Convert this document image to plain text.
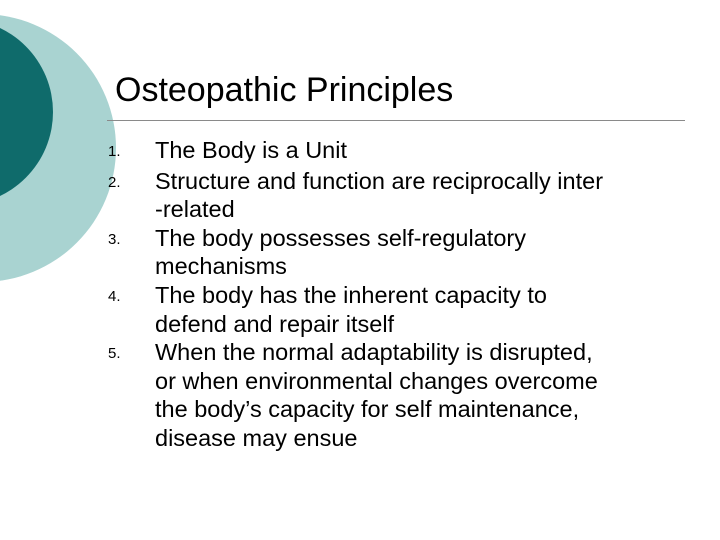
Osteopathic Principles
1.	The Body is a Unit
2.	Structure and function are reciprocally inter
-related
3.	The body possesses self-regulatory
mechanisms
4.	The body has the inherent capacity to
defend and repair itself
5.	When the normal adaptability is disrupted,
or when environmental changes overcome
the body’s capacity for self maintenance,
disease may ensue
